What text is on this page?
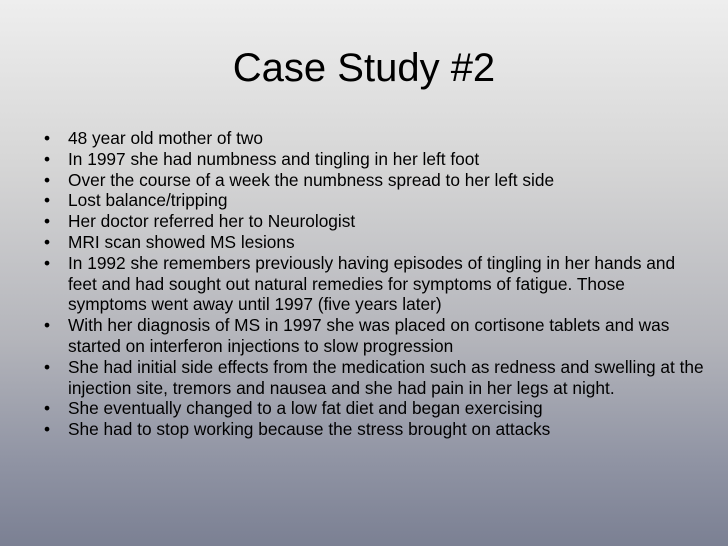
Case Study #2
•	48 year old mother of two
•	In 1997 she had numbness and tingling in her left foot
•	Over the course of a week the numbness spread to her left side
•	Lost balance/tripping
•	Her doctor referred her to Neurologist
•	MRI scan showed MS lesions
•	In 1992 she remembers previously having episodes of tingling in her hands and feet and had sought out natural remedies for symptoms of fatigue. Those symptoms went away until 1997 (five years later)
•	With her diagnosis of MS in 1997 she was placed on cortisone tablets and was started on interferon injections to slow progression
•	She had initial side effects from the medication such as redness and swelling at the injection site, tremors and nausea and she had pain in her legs at night.
•	She eventually changed to a low fat diet and began exercising
•	She had to stop working because the stress brought on attacks
